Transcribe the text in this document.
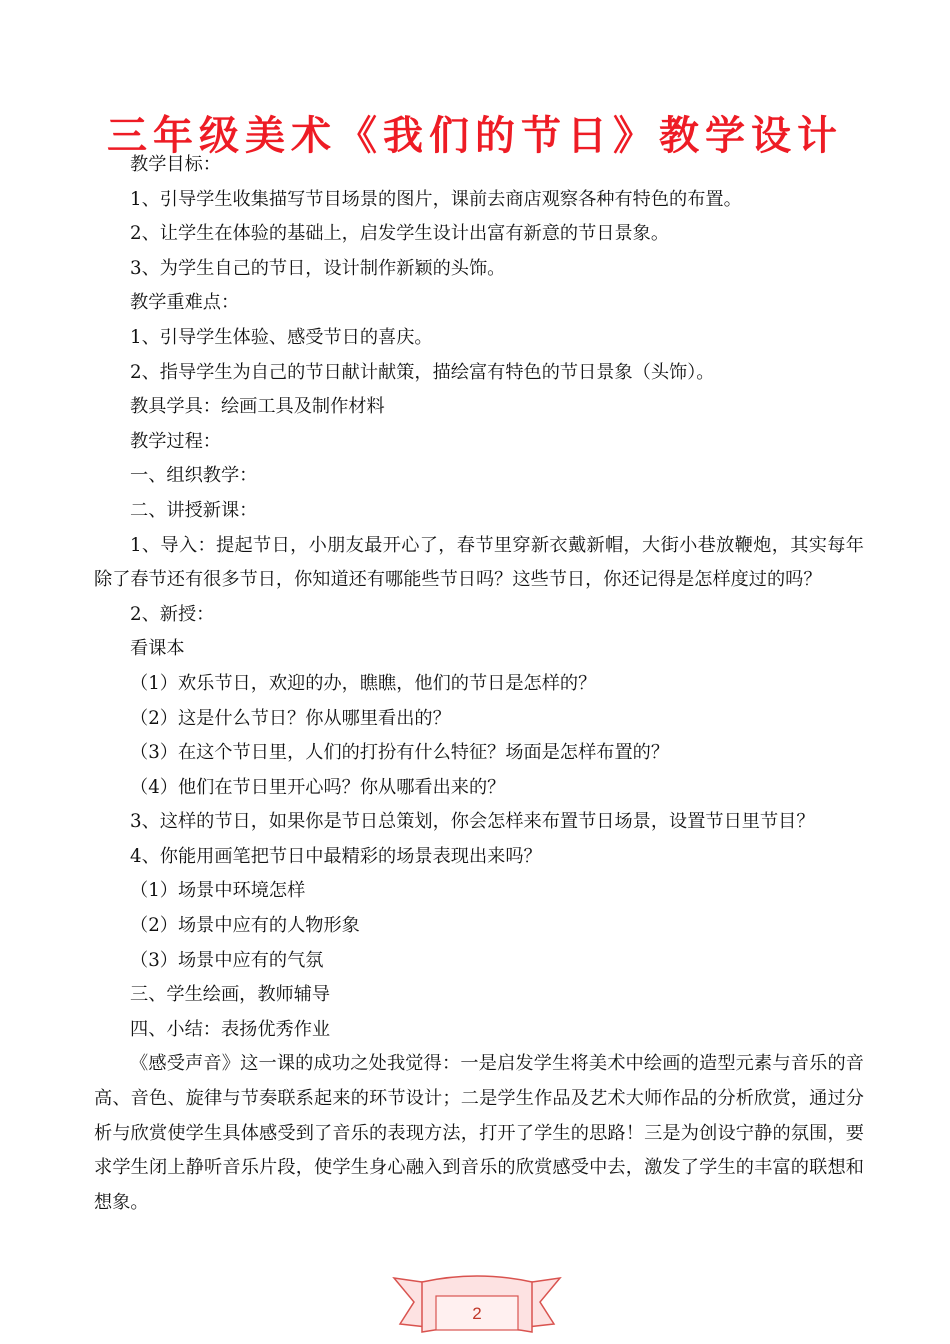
三年级美术《我们的节日》教学设计
教学目标：
1、引导学生收集描写节目场景的图片，课前去商店观察各种有特色的布置。
2、让学生在体验的基础上，启发学生设计出富有新意的节日景象。
3、为学生自己的节日，设计制作新颖的头饰。
教学重难点：
1、引导学生体验、感受节日的喜庆。
2、指导学生为自己的节日献计献策，描绘富有特色的节日景象（头饰）。
教具学具：绘画工具及制作材料
教学过程：
一、组织教学：
二、讲授新课：

1、导入：提起节日，小朋友最开心了，春节里穿新衣戴新帽，大街小巷放鞭炮，其实每年除了春节还有很多节日，你知道还有哪能些节日吗？这些节日，你还记得是怎样度过的吗？

2、新授：
看课本
（1）欢乐节日，欢迎的办，瞧瞧，他们的节日是怎样的？
（2）这是什么节日？你从哪里看出的？
（3）在这个节日里，人们的打扮有什么特征？场面是怎样布置的？
（4）他们在节日里开心吗？你从哪看出来的？
3、这样的节日，如果你是节日总策划，你会怎样来布置节日场景，设置节日里节目？
4、你能用画笔把节日中最精彩的场景表现出来吗？
（1）场景中环境怎样
（2）场景中应有的人物形象
（3）场景中应有的气氛
三、学生绘画，教师辅导
四、小结：表扬优秀作业

《感受声音》这一课的成功之处我觉得：一是启发学生将美术中绘画的造型元素与音乐的音高、音色、旋律与节奏联系起来的环节设计；二是学生作品及艺术大师作品的分析欣赏，通过分析与欣赏使学生具体感受到了音乐的表现方法，打开了学生的思路！三是为创设宁静的氛围，要求学生闭上静听音乐片段，使学生身心融入到音乐的欣赏感受中去，激发了学生的丰富的联想和想象。

2
